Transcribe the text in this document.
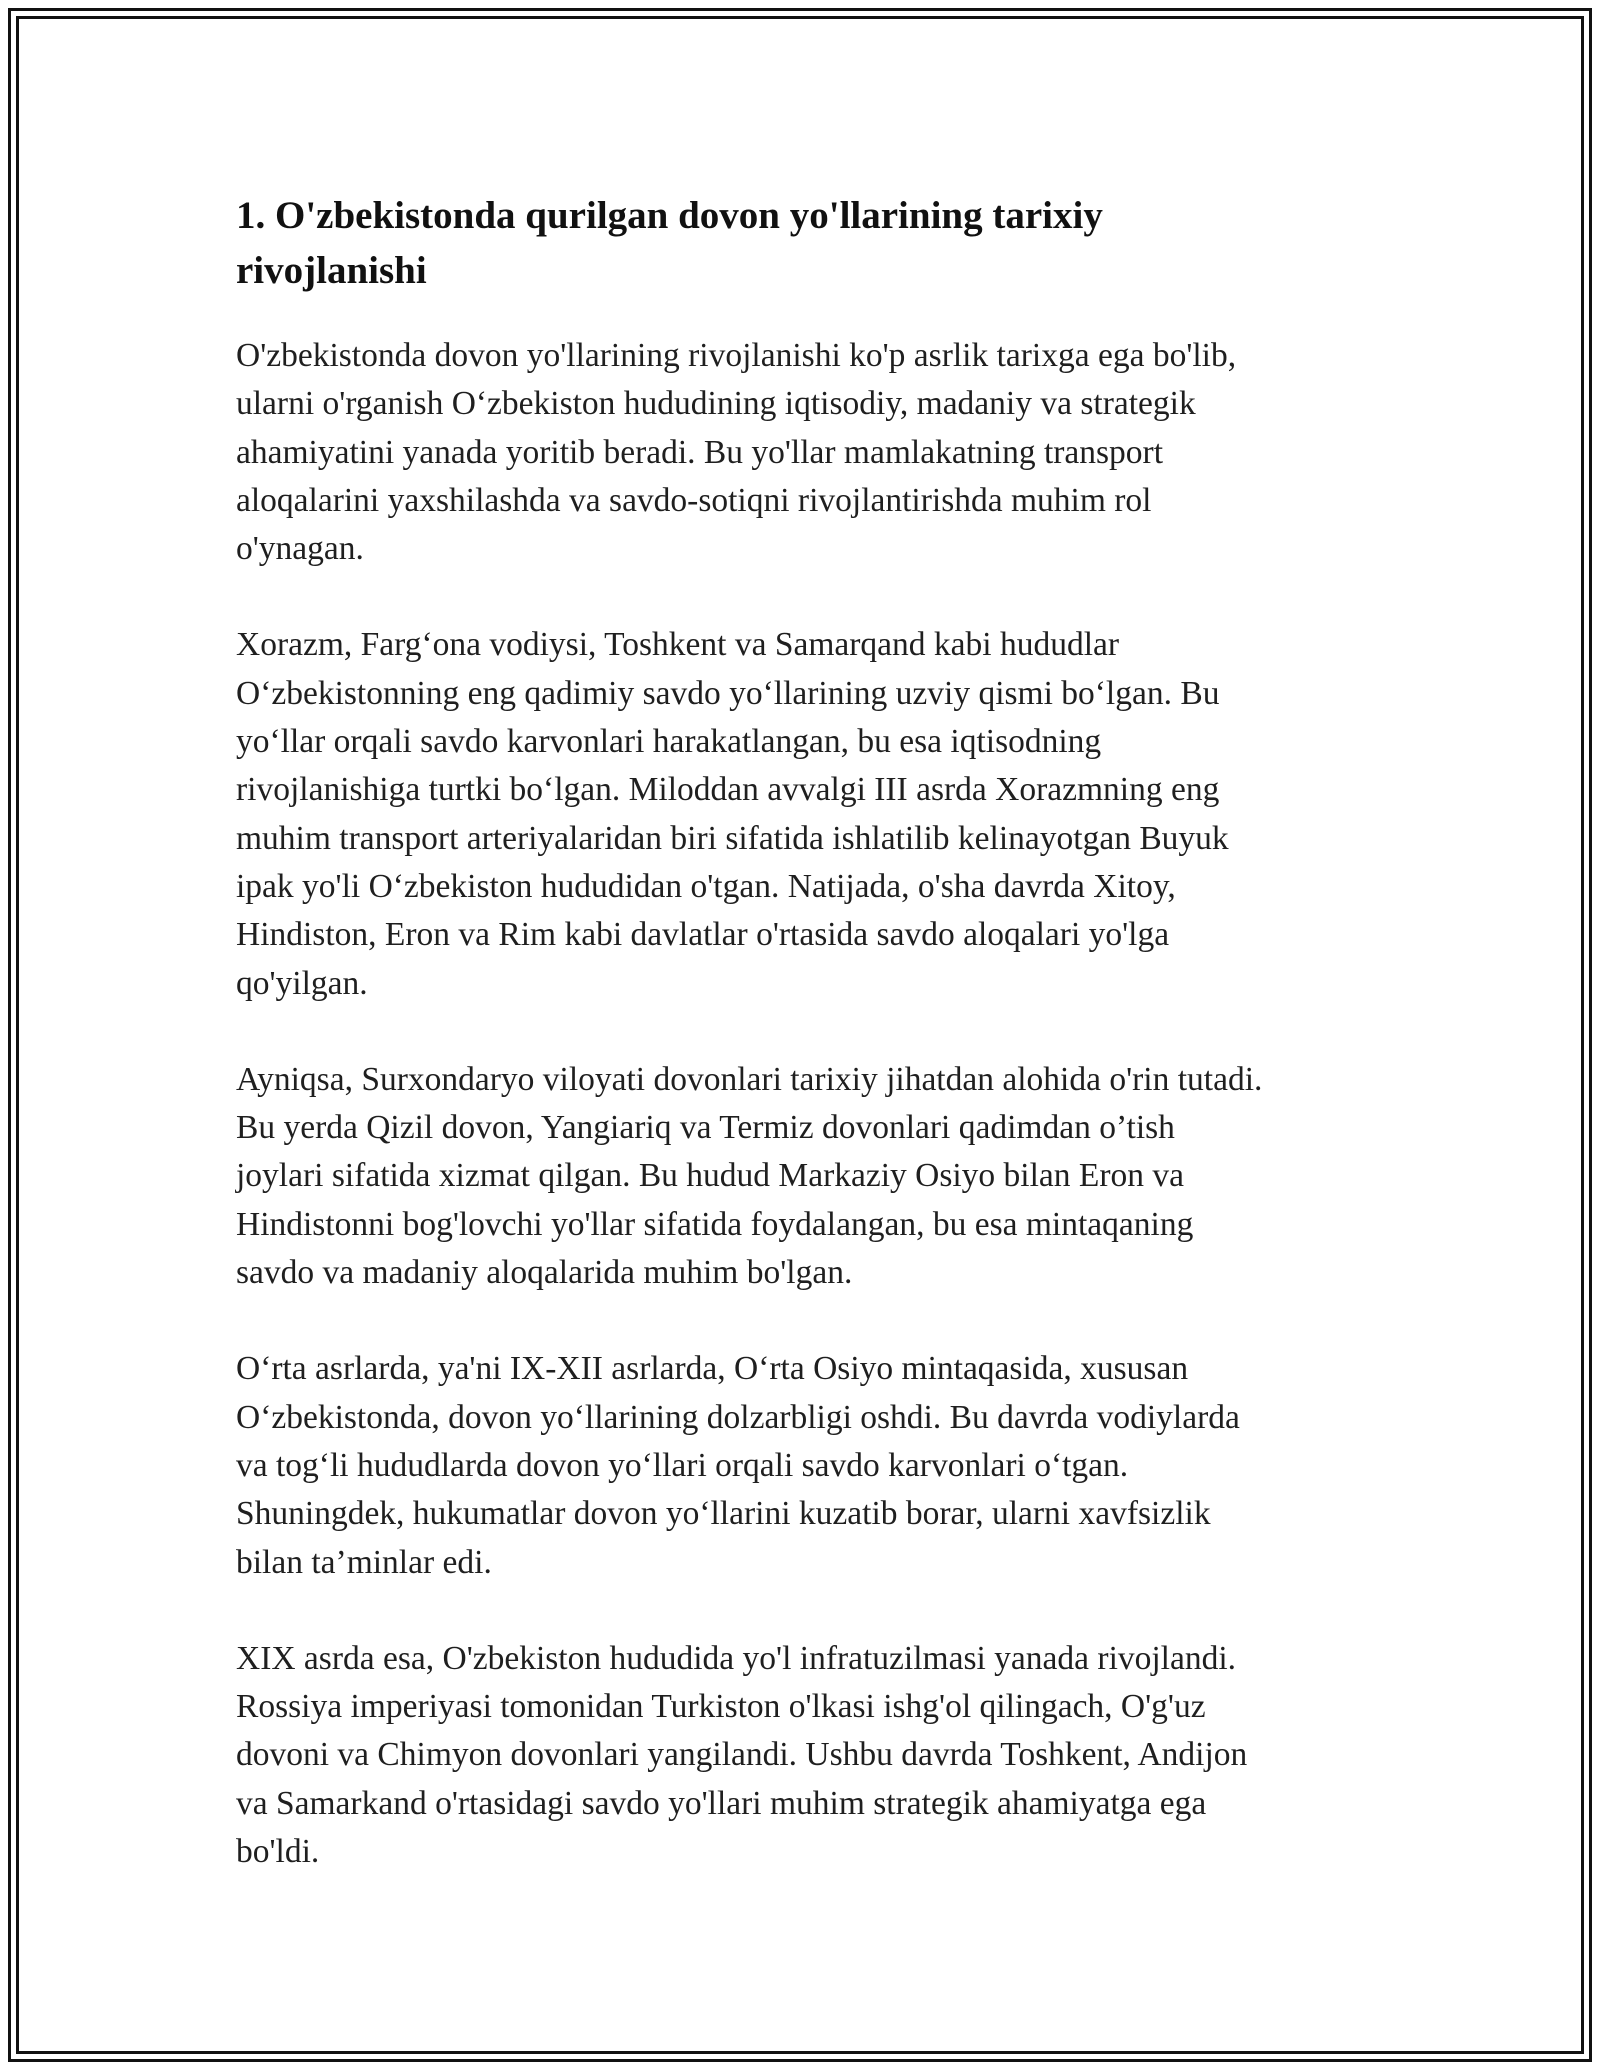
1. O'zbekistonda qurilgan dovon yo'llarining tarixiy rivojlanishi

O'zbekistonda dovon yo'llarining rivojlanishi ko'p asrlik tarixga ega bo'lib,
ularni o'rganish O‘zbekiston hududining iqtisodiy, madaniy va strategik
ahamiyatini yanada yoritib beradi. Bu yo'llar mamlakatning transport
aloqalarini yaxshilashda va savdo-sotiqni rivojlantirishda muhim rol
o'ynagan.

Xorazm, Farg‘ona vodiysi, Toshkent va Samarqand kabi hududlar
O‘zbekistonning eng qadimiy savdo yo‘llarining uzviy qismi bo‘lgan. Bu
yo‘llar orqali savdo karvonlari harakatlangan, bu esa iqtisodning
rivojlanishiga turtki bo‘lgan. Miloddan avvalgi III asrda Xorazmning eng
muhim transport arteriyalaridan biri sifatida ishlatilib kelinayotgan Buyuk
ipak yo'li O‘zbekiston hududidan o'tgan. Natijada, o'sha davrda Xitoy,
Hindiston, Eron va Rim kabi davlatlar o'rtasida savdo aloqalari yo'lga
qo'yilgan.

Ayniqsa, Surxondaryo viloyati dovonlari tarixiy jihatdan alohida o'rin tutadi.
Bu yerda Qizil dovon, Yangiariq va Termiz dovonlari qadimdan o’tish
joylari sifatida xizmat qilgan. Bu hudud Markaziy Osiyo bilan Eron va
Hindistonni bog'lovchi yo'llar sifatida foydalangan, bu esa mintaqaning
savdo va madaniy aloqalarida muhim bo'lgan.

O‘rta asrlarda, ya'ni IX-XII asrlarda, O‘rta Osiyo mintaqasida, xususan
O‘zbekistonda, dovon yo‘llarining dolzarbligi oshdi. Bu davrda vodiylarda
va tog‘li hududlarda dovon yo‘llari orqali savdo karvonlari o‘tgan.
Shuningdek, hukumatlar dovon yo‘llarini kuzatib borar, ularni xavfsizlik
bilan ta’minlar edi.

XIX asrda esa, O'zbekiston hududida yo'l infratuzilmasi yanada rivojlandi.
Rossiya imperiyasi tomonidan Turkiston o'lkasi ishg'ol qilingach, O'g'uz
dovoni va Chimyon dovonlari yangilandi. Ushbu davrda Toshkent, Andijon
va Samarkand o'rtasidagi savdo yo'llari muhim strategik ahamiyatga ega
bo'ldi.
